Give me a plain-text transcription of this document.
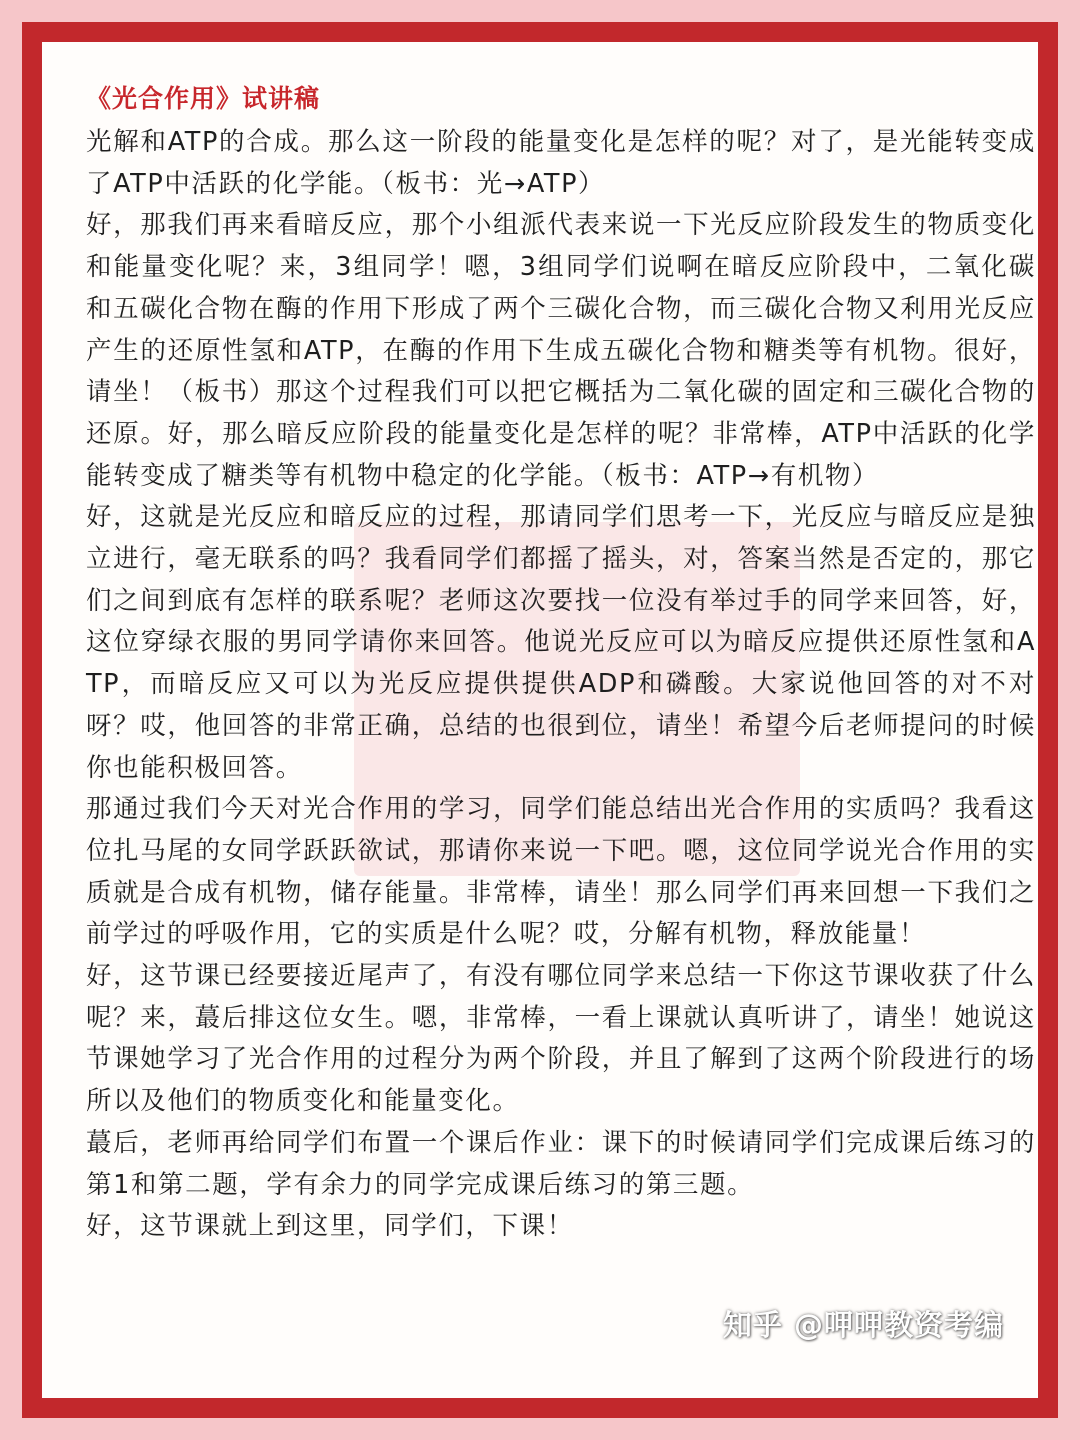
《光合作用》试讲稿

光解和ATP的合成。那么这一阶段的能量变化是怎样的呢？对了，是光能转变成了ATP中活跃的化学能。（板书：光→ATP）

好，那我们再来看暗反应，那个小组派代表来说一下光反应阶段发生的物质变化和能量变化呢？来，3组同学！嗯，3组同学们说啊在暗反应阶段中，二氧化碳和五碳化合物在酶的作用下形成了两个三碳化合物，而三碳化合物又利用光反应产生的还原性氢和ATP，在酶的作用下生成五碳化合物和糖类等有机物。很好，请坐！（板书）那这个过程我们可以把它概括为二氧化碳的固定和三碳化合物的还原。好，那么暗反应阶段的能量变化是怎样的呢？非常棒，ATP中活跃的化学能转变成了糖类等有机物中稳定的化学能。（板书：ATP→有机物）

好，这就是光反应和暗反应的过程，那请同学们思考一下，光反应与暗反应是独立进行，毫无联系的吗？我看同学们都摇了摇头，对，答案当然是否定的，那它们之间到底有怎样的联系呢？老师这次要找一位没有举过手的同学来回答，好，这位穿绿衣服的男同学请你来回答。他说光反应可以为暗反应提供还原性氢和ATP，而暗反应又可以为光反应提供提供ADP和磷酸。大家说他回答的对不对呀？哎，他回答的非常正确，总结的也很到位，请坐！希望今后老师提问的时候你也能积极回答。

那通过我们今天对光合作用的学习，同学们能总结出光合作用的实质吗？我看这位扎马尾的女同学跃跃欲试，那请你来说一下吧。嗯，这位同学说光合作用的实质就是合成有机物，储存能量。非常棒，请坐！那么同学们再来回想一下我们之前学过的呼吸作用，它的实质是什么呢？哎，分解有机物，释放能量！

好，这节课已经要接近尾声了，有没有哪位同学来总结一下你这节课收获了什么呢？来，蕞后排这位女生。嗯，非常棒，一看上课就认真听讲了，请坐！她说这节课她学习了光合作用的过程分为两个阶段，并且了解到了这两个阶段进行的场所以及他们的物质变化和能量变化。

蕞后，老师再给同学们布置一个课后作业：课下的时候请同学们完成课后练习的第1和第二题，学有余力的同学完成课后练习的第三题。

好，这节课就上到这里，同学们，下课！

知乎 @呷呷教资考编
